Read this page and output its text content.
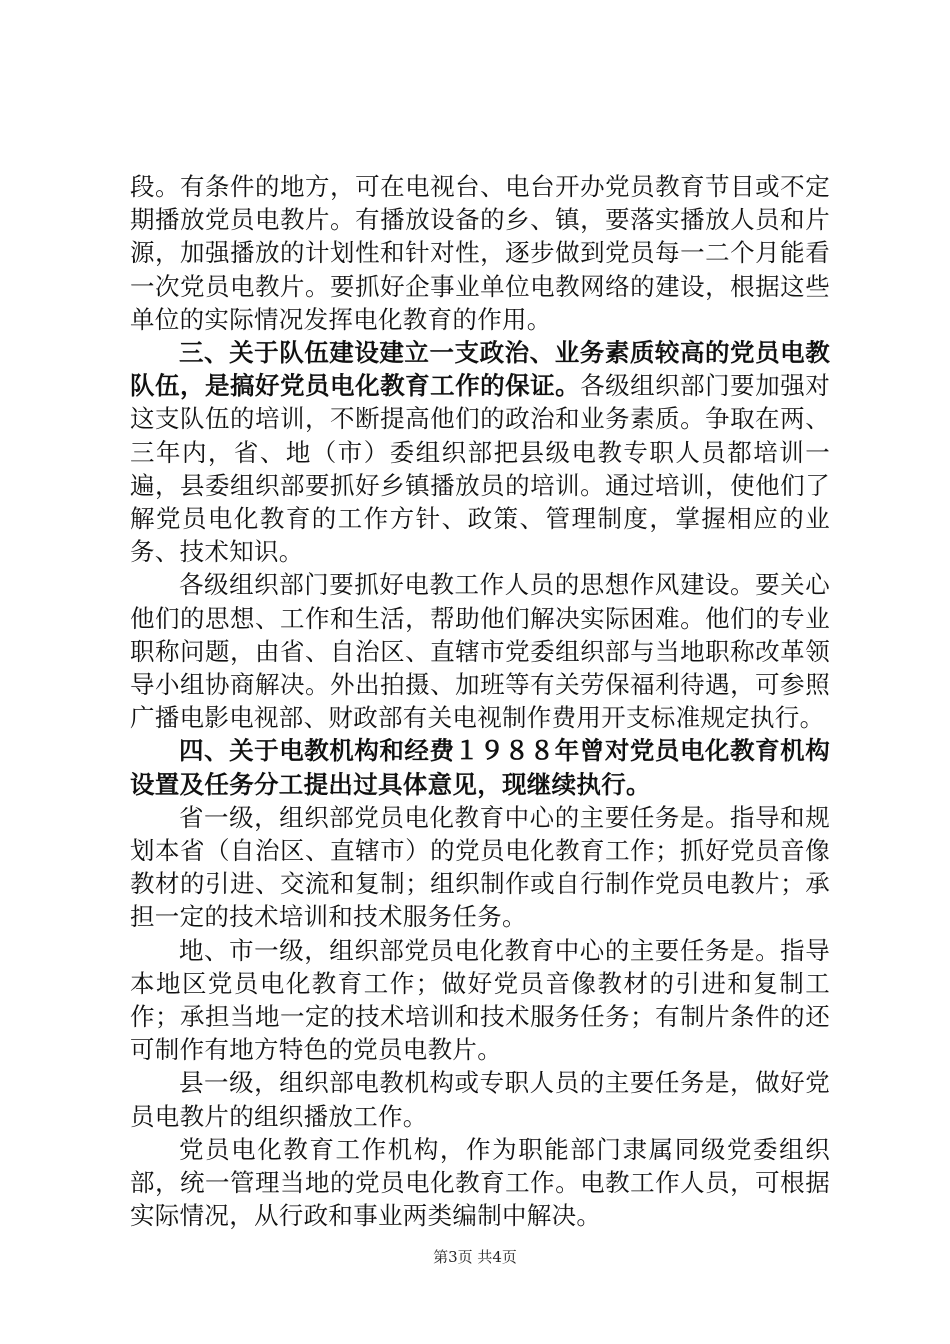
段。有条件的地方，可在电视台、电台开办党员教育节目或不定期播放党员电教片。有播放设备的乡、镇，要落实播放人员和片源，加强播放的计划性和针对性，逐步做到党员每一二个月能看一次党员电教片。要抓好企事业单位电教网络的建设，根据这些单位的实际情况发挥电化教育的作用。

三、关于队伍建设建立一支政治、业务素质较高的党员电教队伍，是搞好党员电化教育工作的保证。各级组织部门要加强对这支队伍的培训，不断提高他们的政治和业务素质。争取在两、三年内，省、地（市）委组织部把县级电教专职人员都培训一遍，县委组织部要抓好乡镇播放员的培训。通过培训，使他们了解党员电化教育的工作方针、政策、管理制度，掌握相应的业务、技术知识。

各级组织部门要抓好电教工作人员的思想作风建设。要关心他们的思想、工作和生活，帮助他们解决实际困难。他们的专业职称问题，由省、自治区、直辖市党委组织部与当地职称改革领导小组协商解决。外出拍摄、加班等有关劳保福利待遇，可参照广播电影电视部、财政部有关电视制作费用开支标准规定执行。

四、关于电教机构和经费１９８８年曾对党员电化教育机构设置及任务分工提出过具体意见，现继续执行。

省一级，组织部党员电化教育中心的主要任务是。指导和规划本省（自治区、直辖市）的党员电化教育工作；抓好党员音像教材的引进、交流和复制；组织制作或自行制作党员电教片；承担一定的技术培训和技术服务任务。

地、市一级，组织部党员电化教育中心的主要任务是。指导本地区党员电化教育工作；做好党员音像教材的引进和复制工作；承担当地一定的技术培训和技术服务任务；有制片条件的还可制作有地方特色的党员电教片。

县一级，组织部电教机构或专职人员的主要任务是，做好党员电教片的组织播放工作。

党员电化教育工作机构，作为职能部门隶属同级党委组织部，统一管理当地的党员电化教育工作。电教工作人员，可根据实际情况，从行政和事业两类编制中解决。

第3页 共4页
